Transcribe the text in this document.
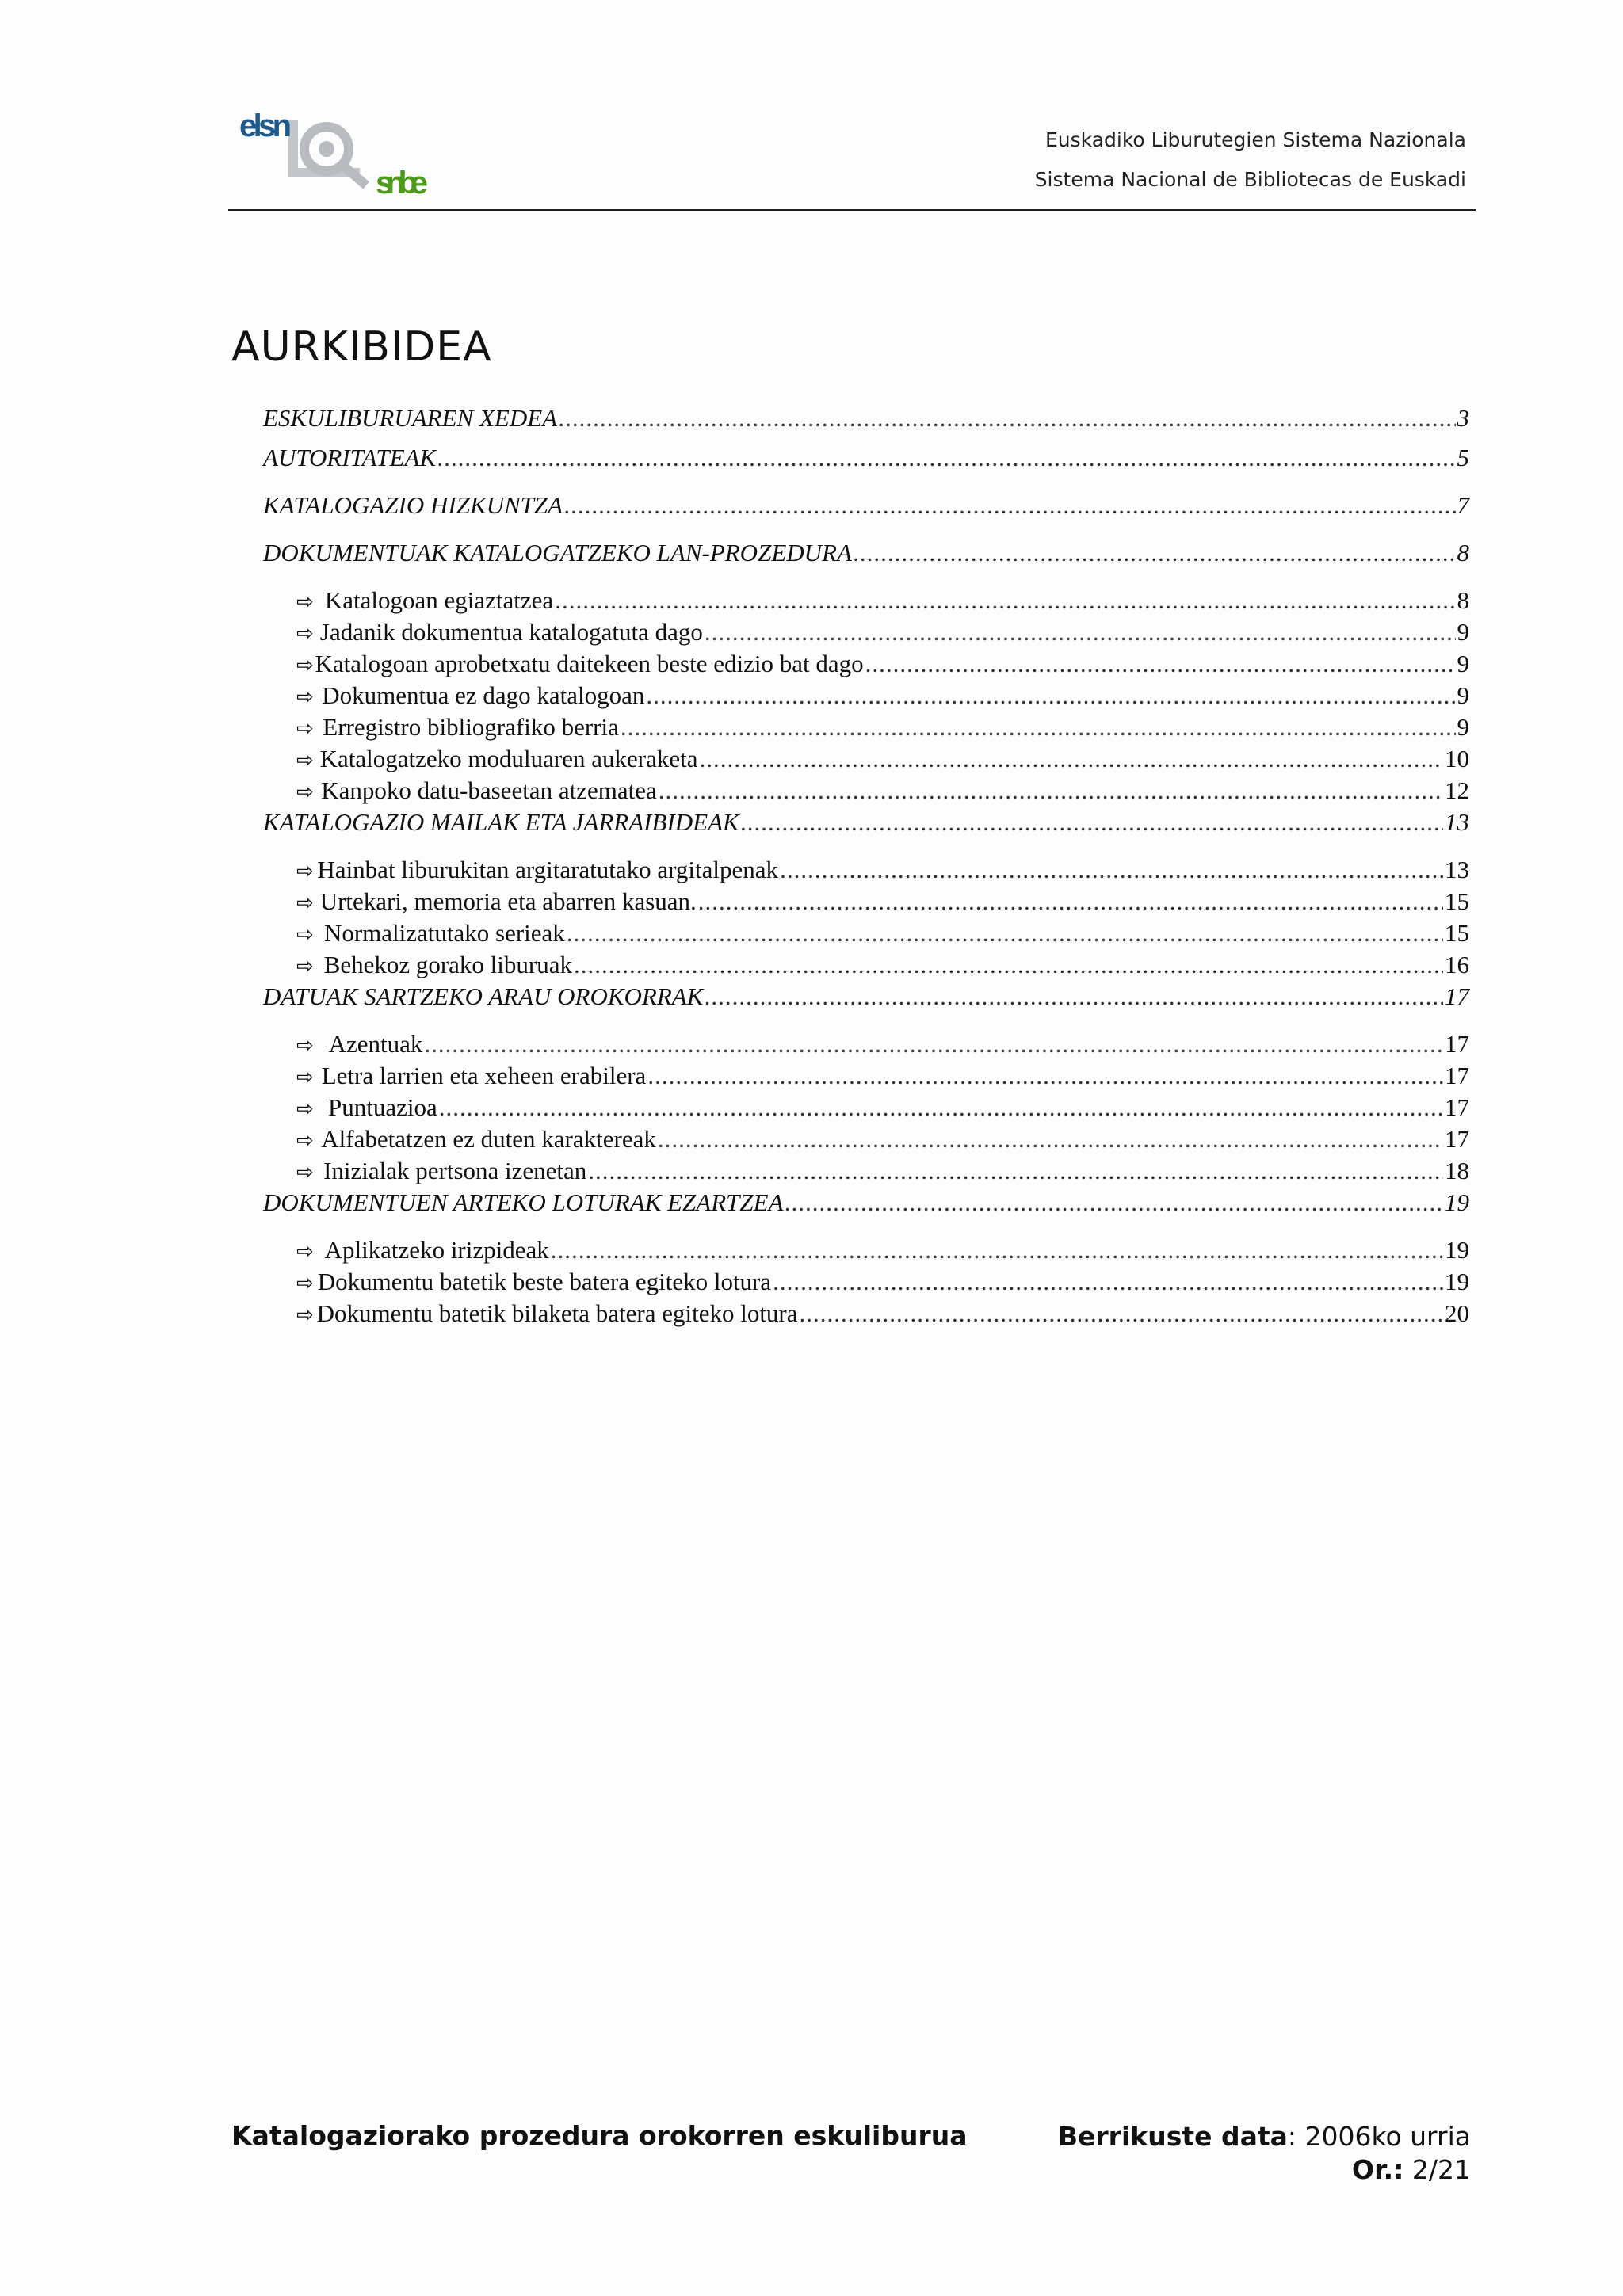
elsn
snbe
Euskadiko Liburutegien Sistema Nazionala
Sistema Nacional de Bibliotecas de Euskadi
AURKIBIDEA
ESKULIBURUAREN XEDEA .....	3
AUTORITATEAK .....	5
KATALOGAZIO HIZKUNTZA .....	7
DOKUMENTUAK KATALOGATZEKO LAN-PROZEDURA .....	8
⇨ Katalogoan egiaztatzea .....	8
⇨ Jadanik dokumentua katalogatuta dago .....	9
⇨ Katalogoan aprobetxatu daitekeen beste edizio bat dago .....	9
⇨ Dokumentua ez dago katalogoan .....	9
⇨ Erregistro bibliografiko berria .....	9
⇨ Katalogatzeko moduluaren aukeraketa .....	10
⇨ Kanpoko datu-baseetan atzematea .....	12
KATALOGAZIO MAILAK ETA JARRAIBIDEAK .....	13
⇨ Hainbat liburukitan argitaratutako argitalpenak .....	13
⇨ Urtekari, memoria eta abarren kasuan. .....	15
⇨ Normalizatutako serieak .....	15
⇨ Behekoz gorako liburuak .....	16
DATUAK SARTZEKO ARAU OROKORRAK .....	17
⇨ Azentuak .....	17
⇨ Letra larrien eta xeheen erabilera .....	17
⇨ Puntuazioa .....	17
⇨ Alfabetatzen ez duten karaktereak .....	17
⇨ Inizialak pertsona izenetan .....	18
DOKUMENTUEN ARTEKO LOTURAK EZARTZEA .....	19
⇨ Aplikatzeko irizpideak .....	19
⇨ Dokumentu batetik beste batera egiteko lotura .....	19
⇨ Dokumentu batetik bilaketa batera egiteko lotura .....	20
Katalogaziorako prozedura orokorren eskuliburua	Berrikuste data: 2006ko urria
Or.: 2/21
